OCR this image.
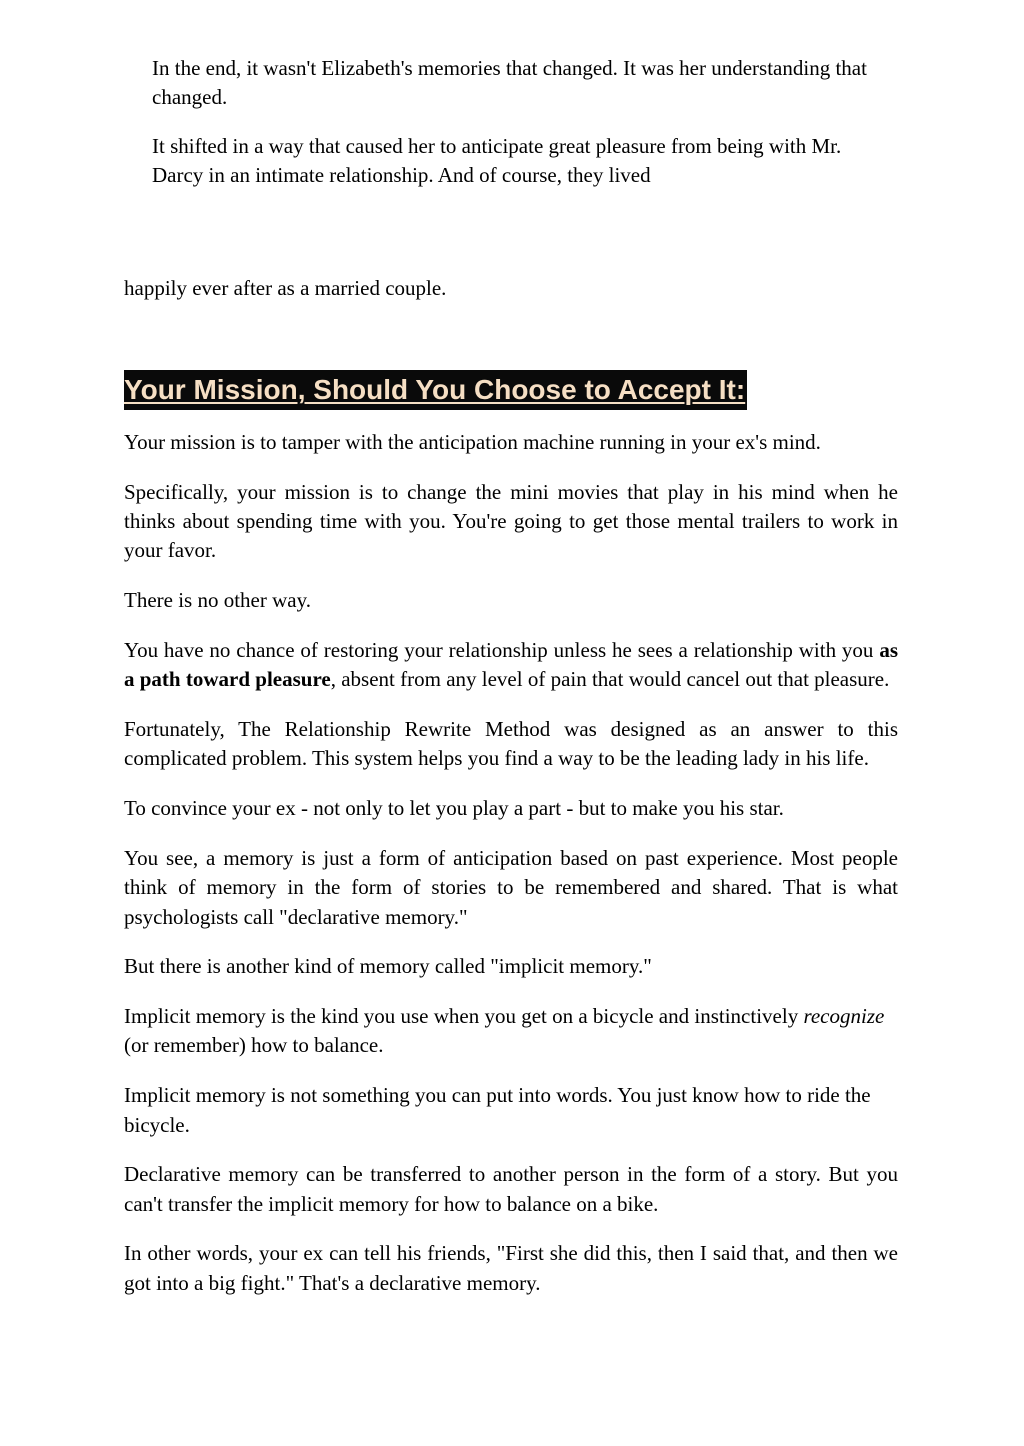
In the end, it wasn't Elizabeth's memories that changed. It was her understanding that changed.
It shifted in a way that caused her to anticipate great pleasure from being with Mr. Darcy in an intimate relationship. And of course, they lived
happily ever after as a married couple.
Your Mission, Should You Choose to Accept It:

Your mission is to tamper with the anticipation machine running in your ex's mind.

Specifically, your mission is to change the mini movies that play in his mind when he thinks about spending time with you. You're going to get those mental trailers to work in your favor.

There is no other way.

You have no chance of restoring your relationship unless he sees a relationship with you as a path toward pleasure, absent from any level of pain that would cancel out that pleasure.

Fortunately, The Relationship Rewrite Method was designed as an answer to this complicated problem. This system helps you find a way to be the leading lady in his life.

To convince your ex - not only to let you play a part - but to make you his star.

You see, a memory is just a form of anticipation based on past experience. Most people think of memory in the form of stories to be remembered and shared. That is what psychologists call "declarative memory."

But there is another kind of memory called "implicit memory."

Implicit memory is the kind you use when you get on a bicycle and instinctively recognize (or remember) how to balance.

Implicit memory is not something you can put into words. You just know how to ride the bicycle.

Declarative memory can be transferred to another person in the form of a story. But you can't transfer the implicit memory for how to balance on a bike.

In other words, your ex can tell his friends, "First she did this, then I said that, and then we got into a big fight." That's a declarative memory.
